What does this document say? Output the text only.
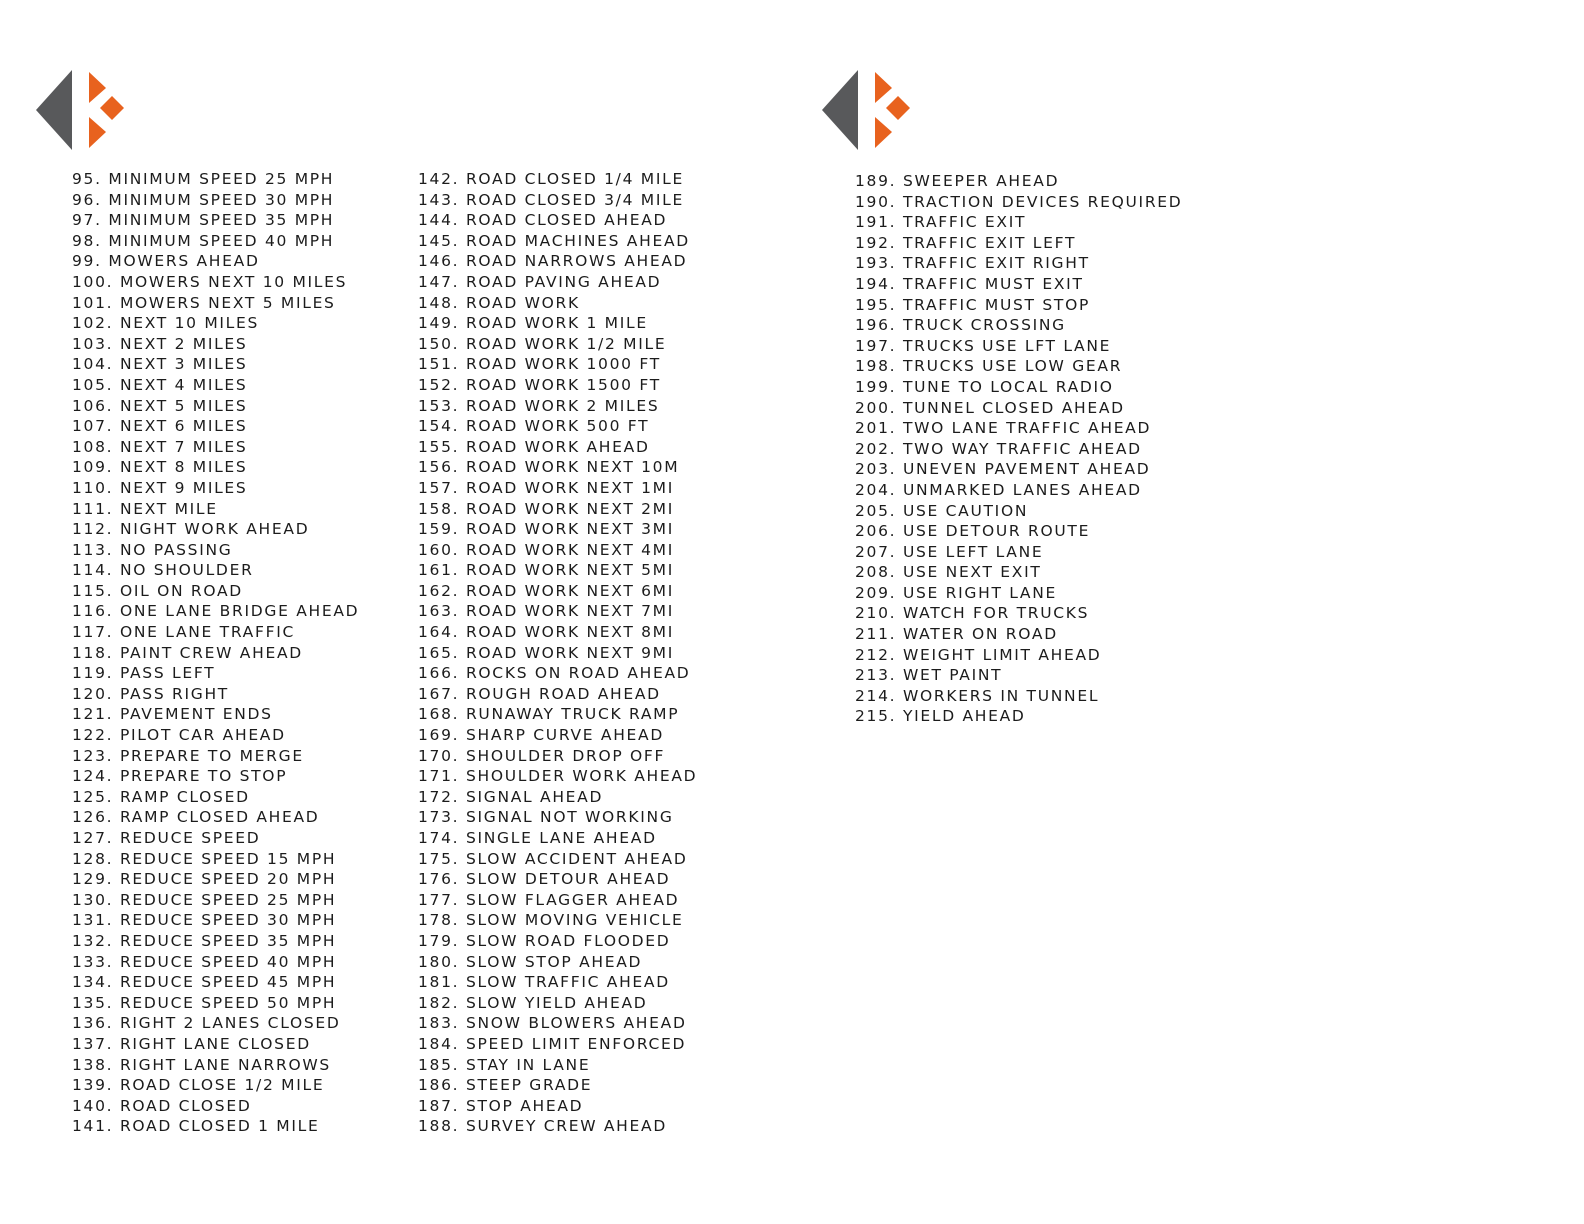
95. MINIMUM SPEED 25 MPH
96. MINIMUM SPEED 30 MPH
97. MINIMUM SPEED 35 MPH
98. MINIMUM SPEED 40 MPH
99. MOWERS AHEAD
100. MOWERS NEXT 10 MILES
101. MOWERS NEXT 5 MILES
102. NEXT 10 MILES
103. NEXT 2 MILES
104. NEXT 3 MILES
105. NEXT 4 MILES
106. NEXT 5 MILES
107. NEXT 6 MILES
108. NEXT 7 MILES
109. NEXT 8 MILES
110. NEXT 9 MILES
111. NEXT MILE
112. NIGHT WORK AHEAD
113. NO PASSING
114. NO SHOULDER
115. OIL ON ROAD
116. ONE LANE BRIDGE AHEAD
117. ONE LANE TRAFFIC
118. PAINT CREW AHEAD
119. PASS LEFT
120. PASS RIGHT
121. PAVEMENT ENDS
122. PILOT CAR AHEAD
123. PREPARE TO MERGE
124. PREPARE TO STOP
125. RAMP CLOSED
126. RAMP CLOSED AHEAD
127. REDUCE SPEED
128. REDUCE SPEED 15 MPH
129. REDUCE SPEED 20 MPH
130. REDUCE SPEED 25 MPH
131. REDUCE SPEED 30 MPH
132. REDUCE SPEED 35 MPH
133. REDUCE SPEED 40 MPH
134. REDUCE SPEED 45 MPH
135. REDUCE SPEED 50 MPH
136. RIGHT 2 LANES CLOSED
137. RIGHT LANE CLOSED
138. RIGHT LANE NARROWS
139. ROAD CLOSE 1/2 MILE
140. ROAD CLOSED
141. ROAD CLOSED 1 MILE
142. ROAD CLOSED 1/4 MILE
143. ROAD CLOSED 3/4 MILE
144. ROAD CLOSED AHEAD
145. ROAD MACHINES AHEAD
146. ROAD NARROWS AHEAD
147. ROAD PAVING AHEAD
148. ROAD WORK
149. ROAD WORK 1 MILE
150. ROAD WORK 1/2 MILE
151. ROAD WORK 1000 FT
152. ROAD WORK 1500 FT
153. ROAD WORK 2 MILES
154. ROAD WORK 500 FT
155. ROAD WORK AHEAD
156. ROAD WORK NEXT 10M
157. ROAD WORK NEXT 1MI
158. ROAD WORK NEXT 2MI
159. ROAD WORK NEXT 3MI
160. ROAD WORK NEXT 4MI
161. ROAD WORK NEXT 5MI
162. ROAD WORK NEXT 6MI
163. ROAD WORK NEXT 7MI
164. ROAD WORK NEXT 8MI
165. ROAD WORK NEXT 9MI
166. ROCKS ON ROAD AHEAD
167. ROUGH ROAD AHEAD
168. RUNAWAY TRUCK RAMP
169. SHARP CURVE AHEAD
170. SHOULDER DROP OFF
171. SHOULDER WORK AHEAD
172. SIGNAL AHEAD
173. SIGNAL NOT WORKING
174. SINGLE LANE AHEAD
175. SLOW ACCIDENT AHEAD
176. SLOW DETOUR AHEAD
177. SLOW FLAGGER AHEAD
178. SLOW MOVING VEHICLE
179. SLOW ROAD FLOODED
180. SLOW STOP AHEAD
181. SLOW TRAFFIC AHEAD
182. SLOW YIELD AHEAD
183. SNOW BLOWERS AHEAD
184. SPEED LIMIT ENFORCED
185. STAY IN LANE
186. STEEP GRADE
187. STOP AHEAD
188. SURVEY CREW AHEAD
189. SWEEPER AHEAD
190. TRACTION DEVICES REQUIRED
191. TRAFFIC EXIT
192. TRAFFIC EXIT LEFT
193. TRAFFIC EXIT RIGHT
194. TRAFFIC MUST EXIT
195. TRAFFIC MUST STOP
196. TRUCK CROSSING
197. TRUCKS USE LFT LANE
198. TRUCKS USE LOW GEAR
199. TUNE TO LOCAL RADIO
200. TUNNEL CLOSED AHEAD
201. TWO LANE TRAFFIC AHEAD
202. TWO WAY TRAFFIC AHEAD
203. UNEVEN PAVEMENT AHEAD
204. UNMARKED LANES AHEAD
205. USE CAUTION
206. USE DETOUR ROUTE
207. USE LEFT LANE
208. USE NEXT EXIT
209. USE RIGHT LANE
210. WATCH FOR TRUCKS
211. WATER ON ROAD
212. WEIGHT LIMIT AHEAD
213. WET PAINT
214. WORKERS IN TUNNEL
215. YIELD AHEAD
